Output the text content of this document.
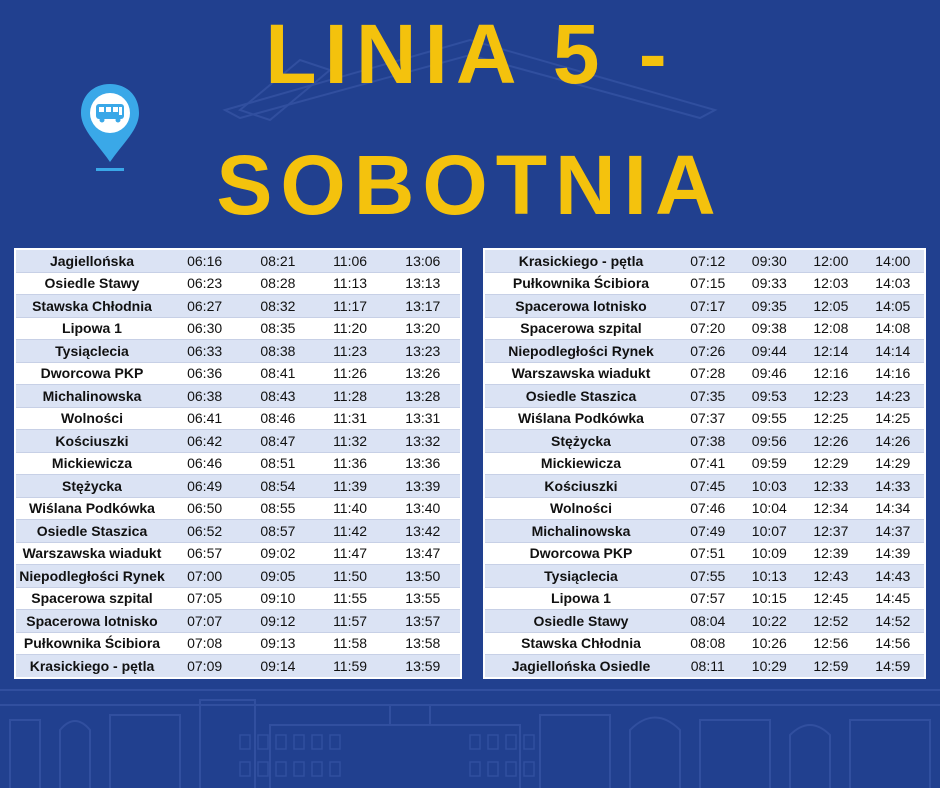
LINIA 5 -
SOBOTNIA
Jagiellońska	06:16	08:21	11:06	13:06
Osiedle Stawy	06:23	08:28	11:13	13:13
Stawska Chłodnia	06:27	08:32	11:17	13:17
Lipowa 1	06:30	08:35	11:20	13:20
Tysiąclecia	06:33	08:38	11:23	13:23
Dworcowa PKP	06:36	08:41	11:26	13:26
Michalinowska	06:38	08:43	11:28	13:28
Wolności	06:41	08:46	11:31	13:31
Kościuszki	06:42	08:47	11:32	13:32
Mickiewicza	06:46	08:51	11:36	13:36
Stężycka	06:49	08:54	11:39	13:39
Wiślana Podkówka	06:50	08:55	11:40	13:40
Osiedle Staszica	06:52	08:57	11:42	13:42
Warszawska wiadukt	06:57	09:02	11:47	13:47
Niepodległości Rynek	07:00	09:05	11:50	13:50
Spacerowa szpital	07:05	09:10	11:55	13:55
Spacerowa lotnisko	07:07	09:12	11:57	13:57
Pułkownika Ścibiora	07:08	09:13	11:58	13:58
Krasickiego - pętla	07:09	09:14	11:59	13:59
Krasickiego - pętla	07:12	09:30	12:00	14:00
Pułkownika Ścibiora	07:15	09:33	12:03	14:03
Spacerowa lotnisko	07:17	09:35	12:05	14:05
Spacerowa szpital	07:20	09:38	12:08	14:08
Niepodległości Rynek	07:26	09:44	12:14	14:14
Warszawska wiadukt	07:28	09:46	12:16	14:16
Osiedle Staszica	07:35	09:53	12:23	14:23
Wiślana Podkówka	07:37	09:55	12:25	14:25
Stężycka	07:38	09:56	12:26	14:26
Mickiewicza	07:41	09:59	12:29	14:29
Kościuszki	07:45	10:03	12:33	14:33
Wolności	07:46	10:04	12:34	14:34
Michalinowska	07:49	10:07	12:37	14:37
Dworcowa PKP	07:51	10:09	12:39	14:39
Tysiąclecia	07:55	10:13	12:43	14:43
Lipowa 1	07:57	10:15	12:45	14:45
Osiedle Stawy	08:04	10:22	12:52	14:52
Stawska Chłodnia	08:08	10:26	12:56	14:56
Jagiellońska Osiedle	08:11	10:29	12:59	14:59
